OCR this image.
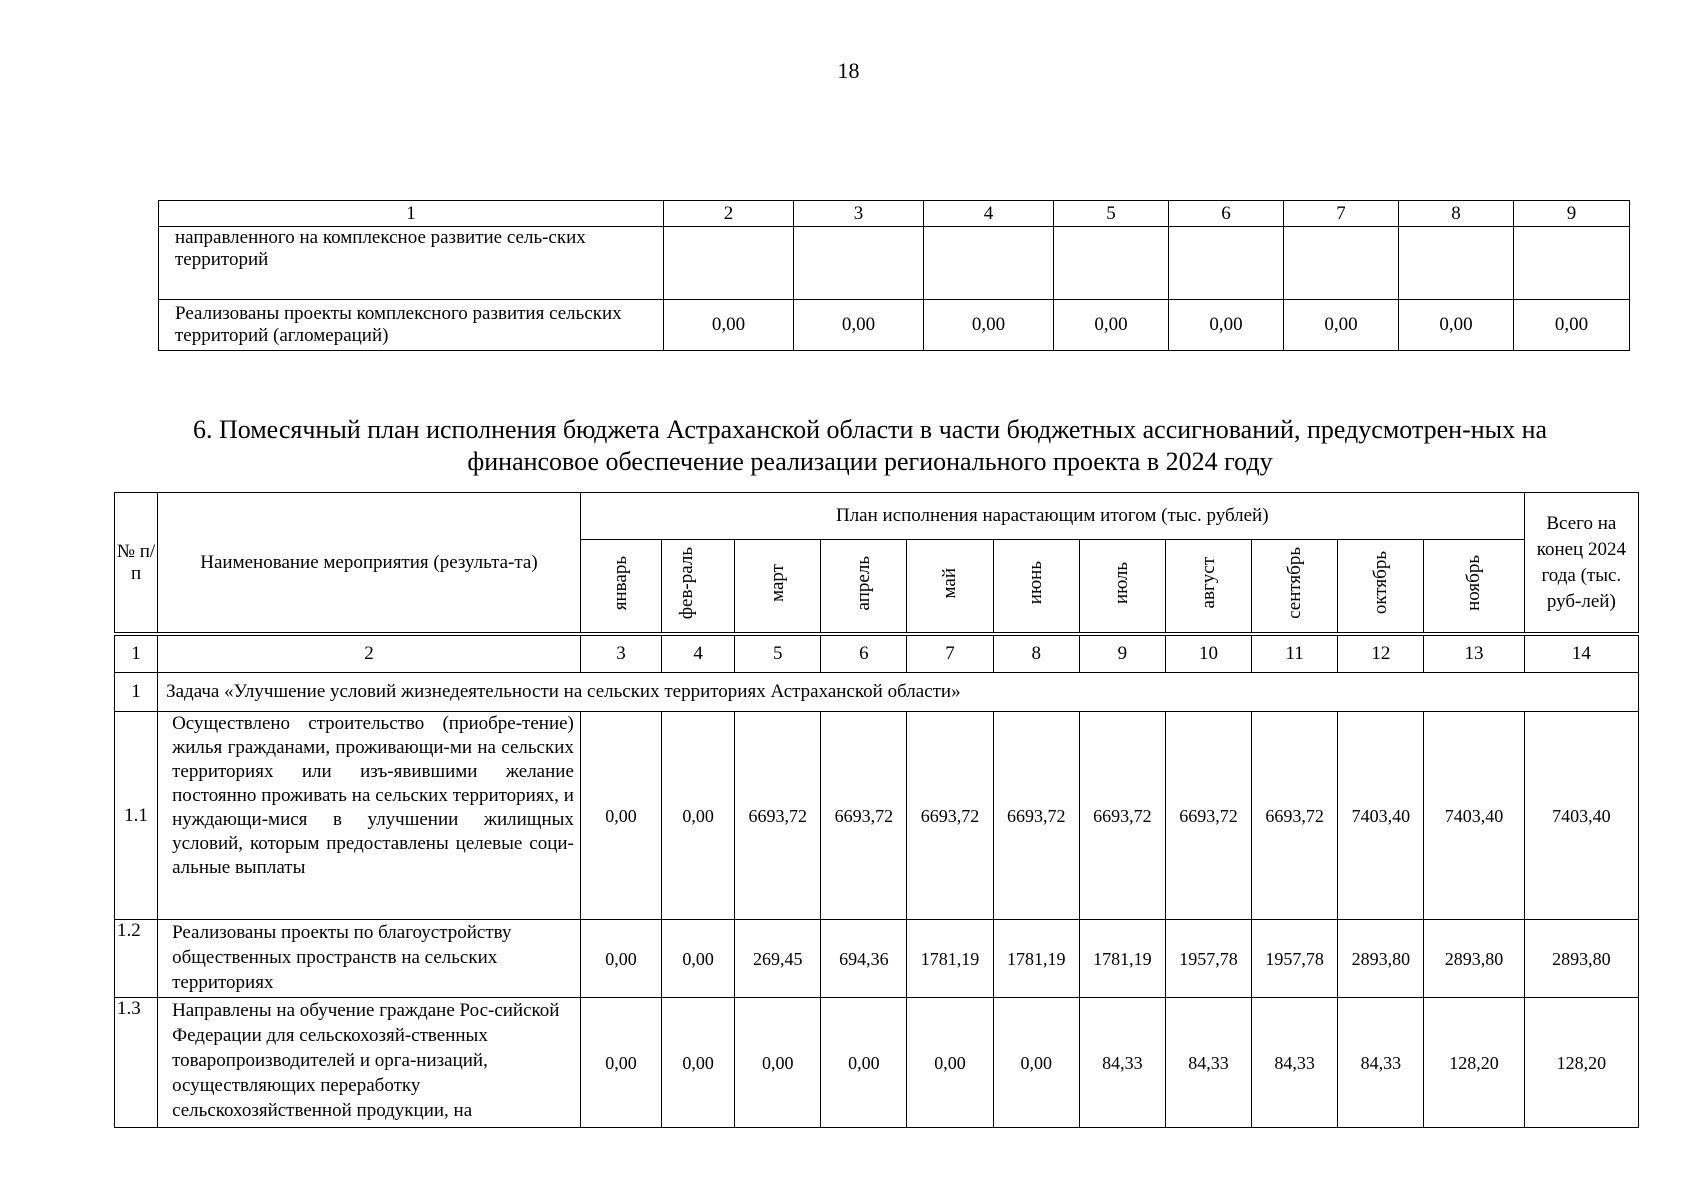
18
1	2	3	4	5	6	7	8	9
направленного на комплексное развитие сель-ских территорий								
Реализованы проекты комплексного развития сельских территорий (агломераций)	0,00	0,00	0,00	0,00	0,00	0,00	0,00	0,00
6. Помесячный план исполнения бюджета Астраханской области в части бюджетных ассигнований, предусмотрен-ных на финансовое обеспечение реализации регионального проекта в 2024 году
№ п/п	Наименование мероприятия (результа-та)	План исполнения нарастающим итогом (тыс. рублей)											Всего на конец 2024 года (тыс. руб-лей)
		январь	фев-раль	март	апрель	май	июнь	июль	август	сентябрь	октябрь	ноябрь	
1	2	3	4	5	6	7	8	9	10	11	12	13	14
1	Задача «Улучшение условий жизнедеятельности на сельских территориях Астраханской области»												
1.1	Осуществлено строительство (приобре-тение) жилья гражданами, проживающи-ми на сельских территориях или изъ-явившими желание постоянно проживать на сельских территориях, и нуждающи-мися в улучшении жилищных условий, которым предоставлены целевые соци-альные выплаты	0,00	0,00	6693,72	6693,72	6693,72	6693,72	6693,72	6693,72	6693,72	7403,40	7403,40	7403,40
1.2	Реализованы проекты по благоустройству общественных пространств на сельских территориях	0,00	0,00	269,45	694,36	1781,19	1781,19	1781,19	1957,78	1957,78	2893,80	2893,80	2893,80
1.3	Направлены на обучение граждане Рос-сийской Федерации для сельскохозяй-ственных товаропроизводителей и орга-низаций, осуществляющих переработку сельскохозяйственной продукции, на	0,00	0,00	0,00	0,00	0,00	0,00	84,33	84,33	84,33	84,33	128,20	128,20
